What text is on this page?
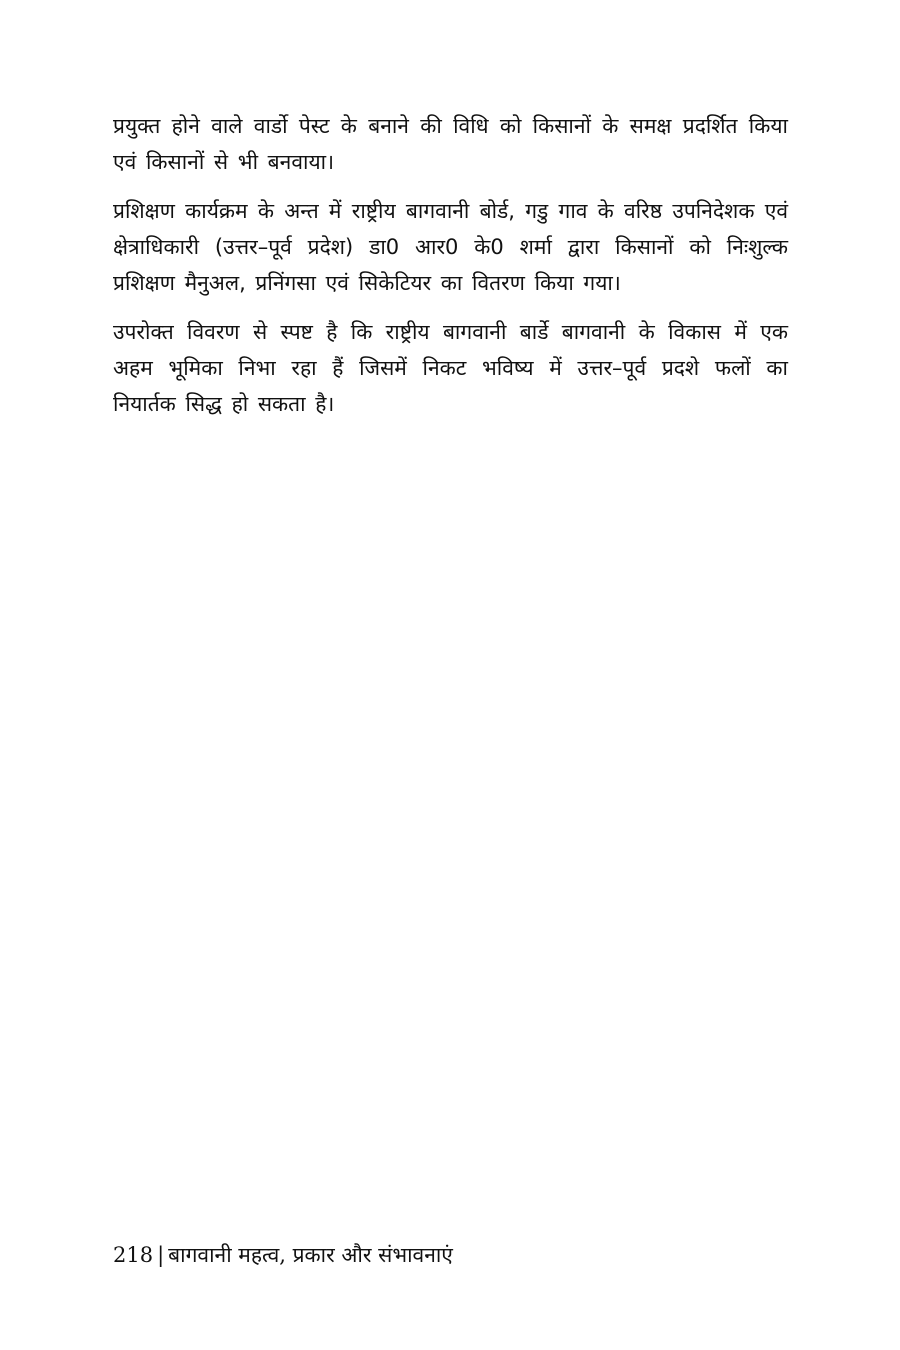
प्रयुक्त होने वाले वार्डो पेस्ट के बनाने की विधि को किसानों के समक्ष प्रदर्शित किया एवं किसानों से भी बनवाया।

प्रशिक्षण कार्यक्रम के अन्त में राष्ट्रीय बागवानी बोर्ड, गडु गाव के वरिष्ठ उपनिदेशक एवं क्षेत्राधिकारी (उत्तर–पूर्व प्रदेश) डा0 आर0 के0 शर्मा द्वारा किसानों को निःशुल्क प्रशिक्षण मैनुअल, प्रनिंगसा एवं सिकेटियर का वितरण किया गया।

उपरोक्त विवरण से स्पष्ट है कि राष्ट्रीय बागवानी बार्डे बागवानी के विकास में एक अहम भूमिका निभा रहा हैं जिसमें निकट भविष्य में उत्तर–पूर्व प्रदशे फलों का नियार्तक सिद्ध हो सकता है।

218 | बागवानी महत्व, प्रकार और संभावनाएं
